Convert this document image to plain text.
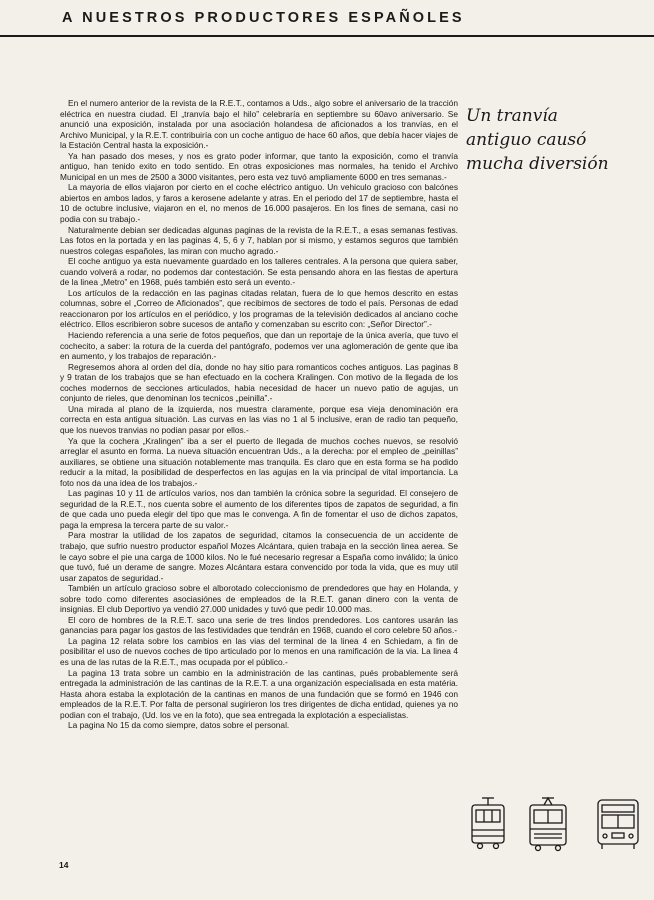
A NUESTROS PRODUCTORES ESPAÑOLES

En el numero anterior de la revista de la R.E.T., contamos a Uds., algo sobre el aniversario de la tracción eléctrica en nuestra ciudad. El „tranvía bajo el hilo” celebraría en septiembre su 60avo aniversario. Se anunció una exposición, instalada por una asociación holandesa de aficionados a los tranvías, en el Archivo Municipal, y la R.E.T. contribuiría con un coche antiguo de hace 60 años, que debía hacer viajes de la Estación Central hasta la exposición.-

Ya han pasado dos meses, y nos es grato poder informar, que tanto la exposición, como el tranvía antiguo, han tenido exito en todo sentido. En otras exposiciones mas normales, ha tenido el Archivo Municipal en un mes de 2500 a 3000 visitantes, pero esta vez tuvó ampliamente 6000 en tres semanas.-

La mayoria de ellos viajaron por cierto en el coche eléctrico antiguo. Un vehiculo gracioso con balcónes abiertos en ambos lados, y faros a kerosene adelante y atras. En el periodo del 17 de septiembre, hasta el 10 de octubre inclusive, viajaron en el, no menos de 16.000 pasajeros. En los fines de semana, casi no podia con su trabajo.-

Naturalmente debian ser dedicadas algunas paginas de la revista de la R.E.T., a esas semanas festivas. Las fotos en la portada y en las paginas 4, 5, 6 y 7, hablan por si mismo, y estamos seguros que también nuestros colegas españoles, las miran con mucho agrado.-

El coche antiguo ya esta nuevamente guardado en los talleres centrales. A la persona que quiera saber, cuando volverá a rodar, no podemos dar contestación. Se esta pensando ahora en las fiestas de apertura de la linea „Metro” en 1968, pués también esto será un evento.-

Los artículos de la redacción en las paginas citadas relatan, fuera de lo que hemos descrito en estas columnas, sobre el „Correo de Aficionados”, que recibimos de sectores de todo el país. Personas de edad reaccionaron por los artículos en el periódico, y los programas de la televisión dedicados al anciano coche eléctrico. Ellos escribieron sobre sucesos de antaño y comenzaban su escrito con: „Señor Director”.-

Haciendo referencia a una serie de fotos pequeños, que dan un reportaje de la única avería, que tuvo el cochecito, a saber: la rotura de la cuerda del pantógrafo, podemos ver una aglomeración de gente que iba en aumento, y los trabajos de reparación.-

Regresemos ahora al orden del día, donde no hay sitio para romanticos coches antiguos. Las paginas 8 y 9 tratan de los trabajos que se han efectuado en la cochera Kralingen. Con motivo de la llegada de los coches modernos de secciones articulados, habia necesidad de hacer un nuevo patio de agujas, un conjunto de rieles, que denominan los tecnicos „peinilla”.-

Una mirada al plano de la izquierda, nos muestra claramente, porque esa vieja denominación era correcta en esta antigua situación. Las curvas en las vias no 1 al 5 inclusive, eran de radio tan pequeño, que los nuevos tranvias no podian pasar por ellos.-

Ya que la cochera „Kralingen” iba a ser el puerto de llegada de muchos coches nuevos, se resolvió arreglar el asunto en forma. La nueva situación encuentran Uds., a la derecha: por el empleo de „peinillas” auxiliares, se obtiene una situación notablemente mas tranquila. Es claro que en esta forma se ha podido reducir a la mitad, la posibilidad de desperfectos en las agujas en la via principal de vital importancia. La foto nos da una idea de los trabajos.-

Las paginas 10 y 11 de artículos varios, nos dan también la crónica sobre la seguridad. El consejero de seguridad de la R.E.T., nos cuenta sobre el aumento de los diferentes tipos de zapatos de seguridad, a fin de que cada uno pueda elegir del tipo que mas le convenga. A fin de fomentar el uso de dichos zapatos, paga la empresa la tercera parte de su valor.-

Para mostrar la utilidad de los zapatos de seguridad, citamos la consecuencia de un accidente de trabajo, que sufrio nuestro productor español Mozes Alcántara, quien trabaja en la sección linea aerea. Se le cayo sobre el pie una carga de 1000 kilos. No le fué necesario regresar a España como inválido; la único que tuvó, fué un derame de sangre. Mozes Alcántara estara convencido por toda la vida, que es muy util usar zapatos de seguridad.-

También un artículo gracioso sobre el alborotado coleccionismo de prendedores que hay en Holanda, y sobre todo como diferentes asociasiónes de empleados de la R.E.T. ganan dinero con la venta de insignias. El club Deportivo ya vendió 27.000 unidades y tuvó que pedir 10.000 mas.

El coro de hombres de la R.E.T. saco una serie de tres lindos prendedores. Los cantores usarán las ganancias para pagar los gastos de las festividades que tendrán en 1968, cuando el coro celebre 50 años.-

La pagina 12 relata sobre los cambios en las vias del terminal de la linea 4 en Schiedam, a fin de posibilitar el uso de nuevos coches de tipo articulado por lo menos en una ramificación de la via. La linea 4 es una de las rutas de la R.E.T., mas ocupada por el público.-

La pagina 13 trata sobre un cambio en la administración de las cantinas, pués probablemente será entregada la administración de las cantinas de la R.E.T. a una organización especialisada en esta matéria. Hasta ahora estaba la explotación de la cantinas en manos de una fundación que se formó en 1946 con empleados de la R.E.T. Por falta de personal sugirieron los tres dirigentes de dicha entidad, quienes ya no podian con el trabajo, (Ud. los ve en la foto), que sea entregada la explotación a especialistas.

La pagina No 15 da como siempre, datos sobre el personal.

Un tranvía
antiguo causó
mucha diversión
14
